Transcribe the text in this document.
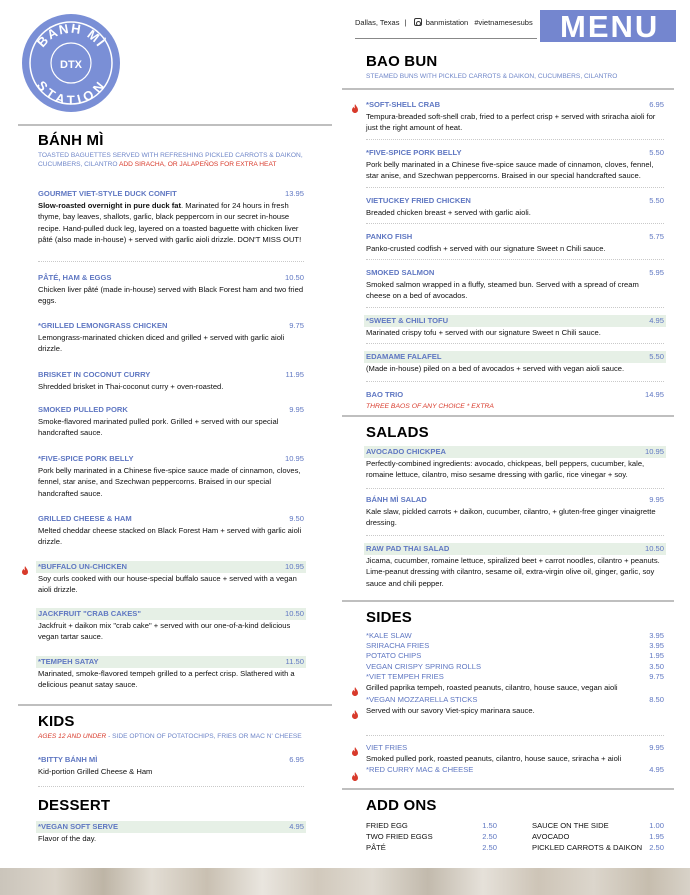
BÁNH MÌ
STATION
DTX
Dallas, Texas |	banmistation #vietnamesesubs MENU
BÁNH MÌ
TOASTED BAGUETTES SERVED WITH REFRESHING PICKLED CARROTS & DAIKON, CUCUMBERS, CILANTRO ADD SIRACHA, OR JALAPEÑOS FOR EXTRA HEAT
GOURMET VIET-STYLE DUCK CONFIT	13.95
Slow-roasted overnight in pure duck fat. Marinated for 24 hours in fresh thyme, bay leaves, shallots, garlic, black peppercorn in our secret in-house recipe. Hand-pulled duck leg, layered on a toasted baguette with chicken liver pâté (also made in-house) + served with garlic aioli drizzle. DON'T MISS OUT!
PÂTÉ, HAM & EGGS	10.50
Chicken liver pâté (made in-house) served with Black Forest ham and two fried eggs.
*GRILLED LEMONGRASS CHICKEN	9.75
Lemongrass-marinated chicken diced and grilled + served with garlic aioli drizzle.
BRISKET IN COCONUT CURRY	11.95
Shredded brisket in Thai-coconut curry + oven-roasted.
SMOKED PULLED PORK	9.95
Smoke-flavored marinated pulled pork. Grilled + served with our special handcrafted sauce.
*FIVE-SPICE PORK BELLY	10.95
Pork belly marinated in a Chinese five-spice sauce made of cinnamon, cloves, fennel, star anise, and Szechwan peppercorns. Braised in our special handcrafted sauce.
GRILLED CHEESE & HAM	9.50
Melted cheddar cheese stacked on Black Forest Ham + served with garlic aioli drizzle.
*BUFFALO UN-CHICKEN	10.95
Soy curls cooked with our house-special buffalo sauce + served with a vegan aioli drizzle.
JACKFRUIT "CRAB CAKES"	10.50
Jackfruit + daikon mix "crab cake" + served with our one-of-a-kind delicious vegan tartar sauce.
*TEMPEH SATAY	11.50
Marinated, smoke-flavored tempeh grilled to a perfect crisp. Slathered with a delicious peanut satay sauce.
KIDS
AGES 12 AND UNDER - SIDE OPTION OF POTATOCHIPS, FRIES OR MAC N' CHEESE
*BITTY BÁNH MÌ	6.95
Kid-portion Grilled Cheese & Ham
DESSERT
*VEGAN SOFT SERVE	4.95
Flavor of the day.
BAO BUN
STEAMED BUNS WITH PICKLED CARROTS & DAIKON, CUCUMBERS, CILANTRO
*SOFT-SHELL CRAB	6.95
Tempura-breaded soft-shell crab, fried to a perfect crisp + served with sriracha aioli for just the right amount of heat.
*FIVE-SPICE PORK BELLY	5.50
Pork belly marinated in a Chinese five-spice sauce made of cinnamon, cloves, fennel, star anise, and Szechwan peppercorns. Braised in our special handcrafted sauce.
VIETUCKEY FRIED CHICKEN	5.50
Breaded chicken breast + served with garlic aioli.
PANKO FISH	5.75
Panko-crusted codfish + served with our signature Sweet n Chili sauce.
SMOKED SALMON	5.95
Smoked salmon wrapped in a fluffy, steamed bun. Served with a spread of cream cheese on a bed of avocados.
*SWEET & CHILI TOFU	4.95
Marinated crispy tofu + served with our signature Sweet n Chili sauce.
EDAMAME FALAFEL	5.50
(Made in-house) piled on a bed of avocados + served with vegan aioli sauce.
BAO TRIO	14.95
THREE BAOS OF ANY CHOICE * EXTRA
SALADS
AVOCADO CHICKPEA	10.95
Perfectly-combined ingredients: avocado, chickpeas, bell peppers, cucumber, kale, romaine lettuce, cilantro, miso sesame dressing with garlic, rice vinegar + soy.
BÁNH MÌ SALAD	9.95
Kale slaw, pickled carrots + daikon, cucumber, cilantro, + gluten-free ginger vinaigrette dressing.
RAW PAD THAI SALAD	10.50
Jicama, cucumber, romaine lettuce, spiralized beet + carrot noodles, cilantro + peanuts. Lime-peanut dressing with cilantro, sesame oil, extra-virgin olive oil, ginger, garlic, soy sauce and chili pepper.
SIDES
*KALE SLAW	3.95
SRIRACHA FRIES	3.95
POTATO CHIPS	1.95
VEGAN CRISPY SPRING ROLLS	3.50
*VIET TEMPEH FRIES	9.75
Grilled paprika tempeh, roasted peanuts, cilantro, house sauce, vegan aioli
*VEGAN MOZZARELLA STICKS	8.50
Served with our savory Viet-spicy marinara sauce.
VIET FRIES	9.95
Smoked pulled pork, roasted peanuts, cilantro, house sauce, sriracha + aioli
*RED CURRY MAC & CHEESE	4.95
ADD ONS
FRIED EGG	1.50
TWO FRIED EGGS	2.50
PÂTÉ	2.50
SAUCE ON THE SIDE	1.00
AVOCADO	1.95
PICKLED CARROTS & DAIKON 2.50
